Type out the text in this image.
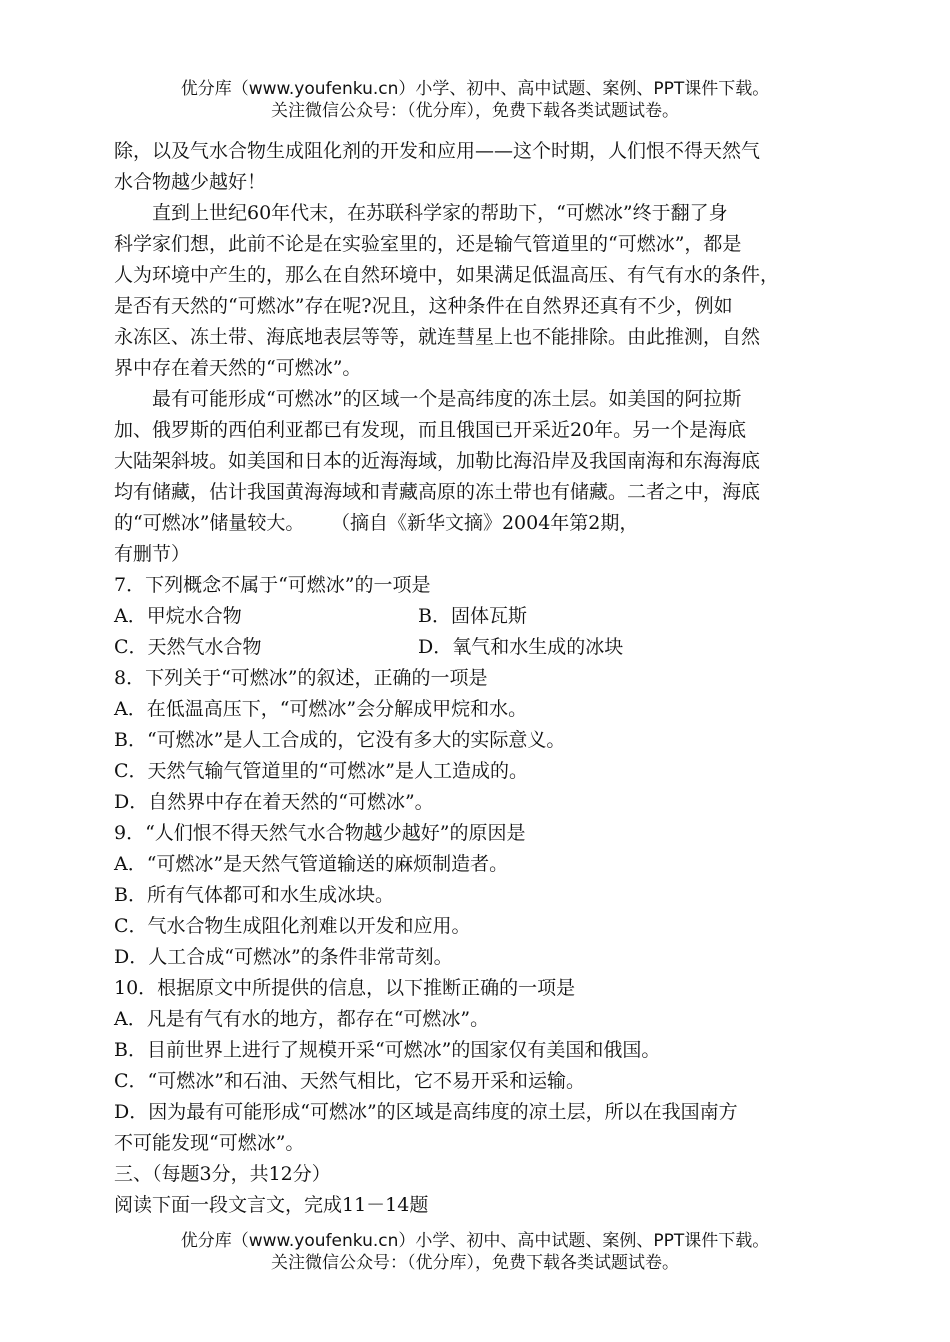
优分库（www.youfenku.cn）小学、初中、高中试题、案例、PPT课件下载。
关注微信公众号：（优分库），免费下载各类试题试卷。
除，以及气水合物生成阻化剂的开发和应用——这个时期，人们恨不得天然气
水合物越少越好！
直到上世纪60年代末，在苏联科学家的帮助下，“可燃冰”终于翻了身
科学家们想，此前不论是在实验室里的，还是输气管道里的“可燃冰”，都是
人为环境中产生的，那么在自然环境中，如果满足低温高压、有气有水的条件，
是否有天然的“可燃冰”存在呢?况且，这种条件在自然界还真有不少，例如
永冻区、冻土带、海底地表层等等，就连彗星上也不能排除。由此推测，自然
界中存在着天然的“可燃冰”。
最有可能形成“可燃冰”的区域一个是高纬度的冻土层。如美国的阿拉斯
加、俄罗斯的西伯利亚都已有发现，而且俄国已开采近20年。另一个是海底
大陆架斜坡。如美国和日本的近海海域，加勒比海沿岸及我国南海和东海海底
均有储藏，估计我国黄海海域和青藏高原的冻土带也有储藏。二者之中，海底
的“可燃冰”储量较大。 （摘自《新华文摘》2004年第2期，
有删节）
7．下列概念不属于“可燃冰”的一项是
A．甲烷水合物	B．固体瓦斯
C．天然气水合物	D．氧气和水生成的冰块
8．下列关于“可燃冰”的叙述，正确的一项是
A．在低温高压下，“可燃冰”会分解成甲烷和水。
B．“可燃冰”是人工合成的，它没有多大的实际意义。
C．天然气输气管道里的“可燃冰”是人工造成的。
D．自然界中存在着天然的“可燃冰”。
9．“人们恨不得天然气水合物越少越好”的原因是
A．“可燃冰”是天然气管道输送的麻烦制造者。
B．所有气体都可和水生成冰块。
C．气水合物生成阻化剂难以开发和应用。
D．人工合成“可燃冰”的条件非常苛刻。
10．根据原文中所提供的信息，以下推断正确的一项是
A．凡是有气有水的地方，都存在“可燃冰”。
B．目前世界上进行了规模开采“可燃冰”的国家仅有美国和俄国。
C．“可燃冰”和石油、天然气相比，它不易开采和运输。
D．因为最有可能形成“可燃冰”的区域是高纬度的凉土层，所以在我国南方
不可能发现“可燃冰”。
三、（每题3分，共12分）
阅读下面一段文言文，完成11－14题
优分库（www.youfenku.cn）小学、初中、高中试题、案例、PPT课件下载。
关注微信公众号：（优分库），免费下载各类试题试卷。
